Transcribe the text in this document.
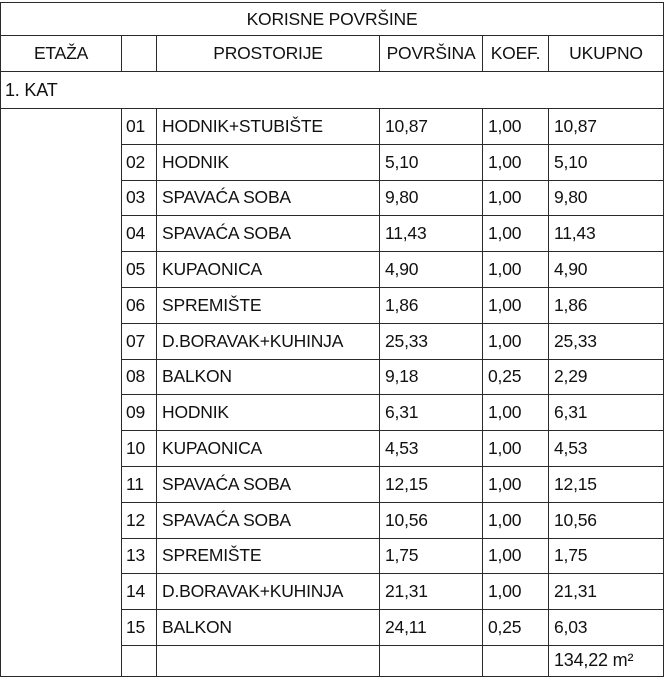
KORISNE POVRŠINE					
ETAŽA		PROSTORIJE	POVRŠINA	KOEF.	UKUPNO
1. KAT					
	01	HODNIK+STUBIŠTE	10,87	1,00	10,87
	02	HODNIK	5,10	1,00	5,10
	03	SPAVAĆA SOBA	9,80	1,00	9,80
	04	SPAVAĆA SOBA	11,43	1,00	11,43
	05	KUPAONICA	4,90	1,00	4,90
	06	SPREMIŠTE	1,86	1,00	1,86
	07	D.BORAVAK+KUHINJA	25,33	1,00	25,33
	08	BALKON	9,18	0,25	2,29
	09	HODNIK	6,31	1,00	6,31
	10	KUPAONICA	4,53	1,00	4,53
	11	SPAVAĆA SOBA	12,15	1,00	12,15
	12	SPAVAĆA SOBA	10,56	1,00	10,56
	13	SPREMIŠTE	1,75	1,00	1,75
	14	D.BORAVAK+KUHINJA	21,31	1,00	21,31
	15	BALKON	24,11	0,25	6,03
					134,22 m²
